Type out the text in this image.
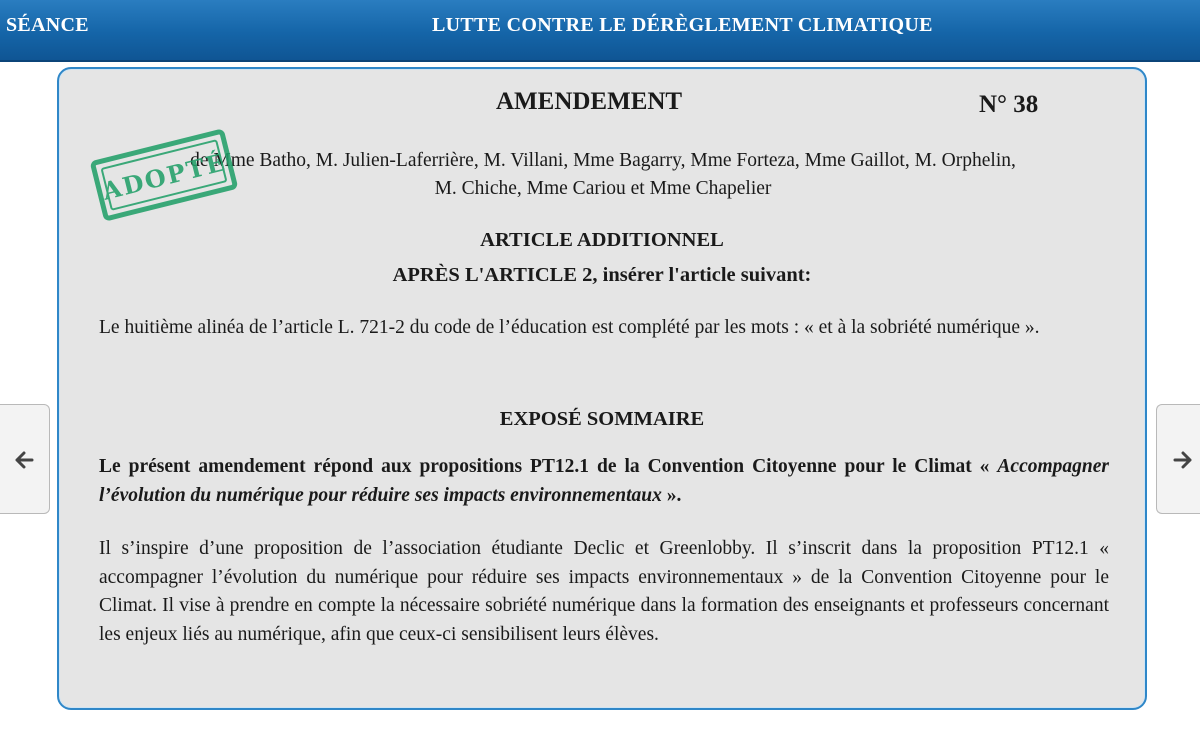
SÉANCE	LUTTE CONTRE LE DÉRÈGLEMENT CLIMATIQUE
AMENDEMENT	N° 38
de Mme Batho, M. Julien-Laferrière, M. Villani, Mme Bagarry, Mme Forteza, Mme Gaillot, M. Orphelin,
M. Chiche, Mme Cariou et Mme Chapelier
ADOPTÉ
ARTICLE ADDITIONNEL
APRÈS L'ARTICLE 2, insérer l'article suivant:
Le huitième alinéa de l’article L. 721‑2 du code de l’éducation est complété par les mots : « et à la sobriété numérique ».
EXPOSÉ SOMMAIRE
Le présent amendement répond aux propositions PT12.1 de la Convention Citoyenne pour le Climat « Accompagner l’évolution du numérique pour réduire ses impacts environnementaux ».
Il s’inspire d’une proposition de l’association étudiante Declic et Greenlobby. Il s’inscrit dans la proposition PT12.1 « accompagner l’évolution du numérique pour réduire ses impacts environnementaux » de la Convention Citoyenne pour le Climat. Il vise à prendre en compte la nécessaire sobriété numérique dans la formation des enseignants et professeurs concernant les enjeux liés au numérique, afin que ceux-ci sensibilisent leurs élèves.
